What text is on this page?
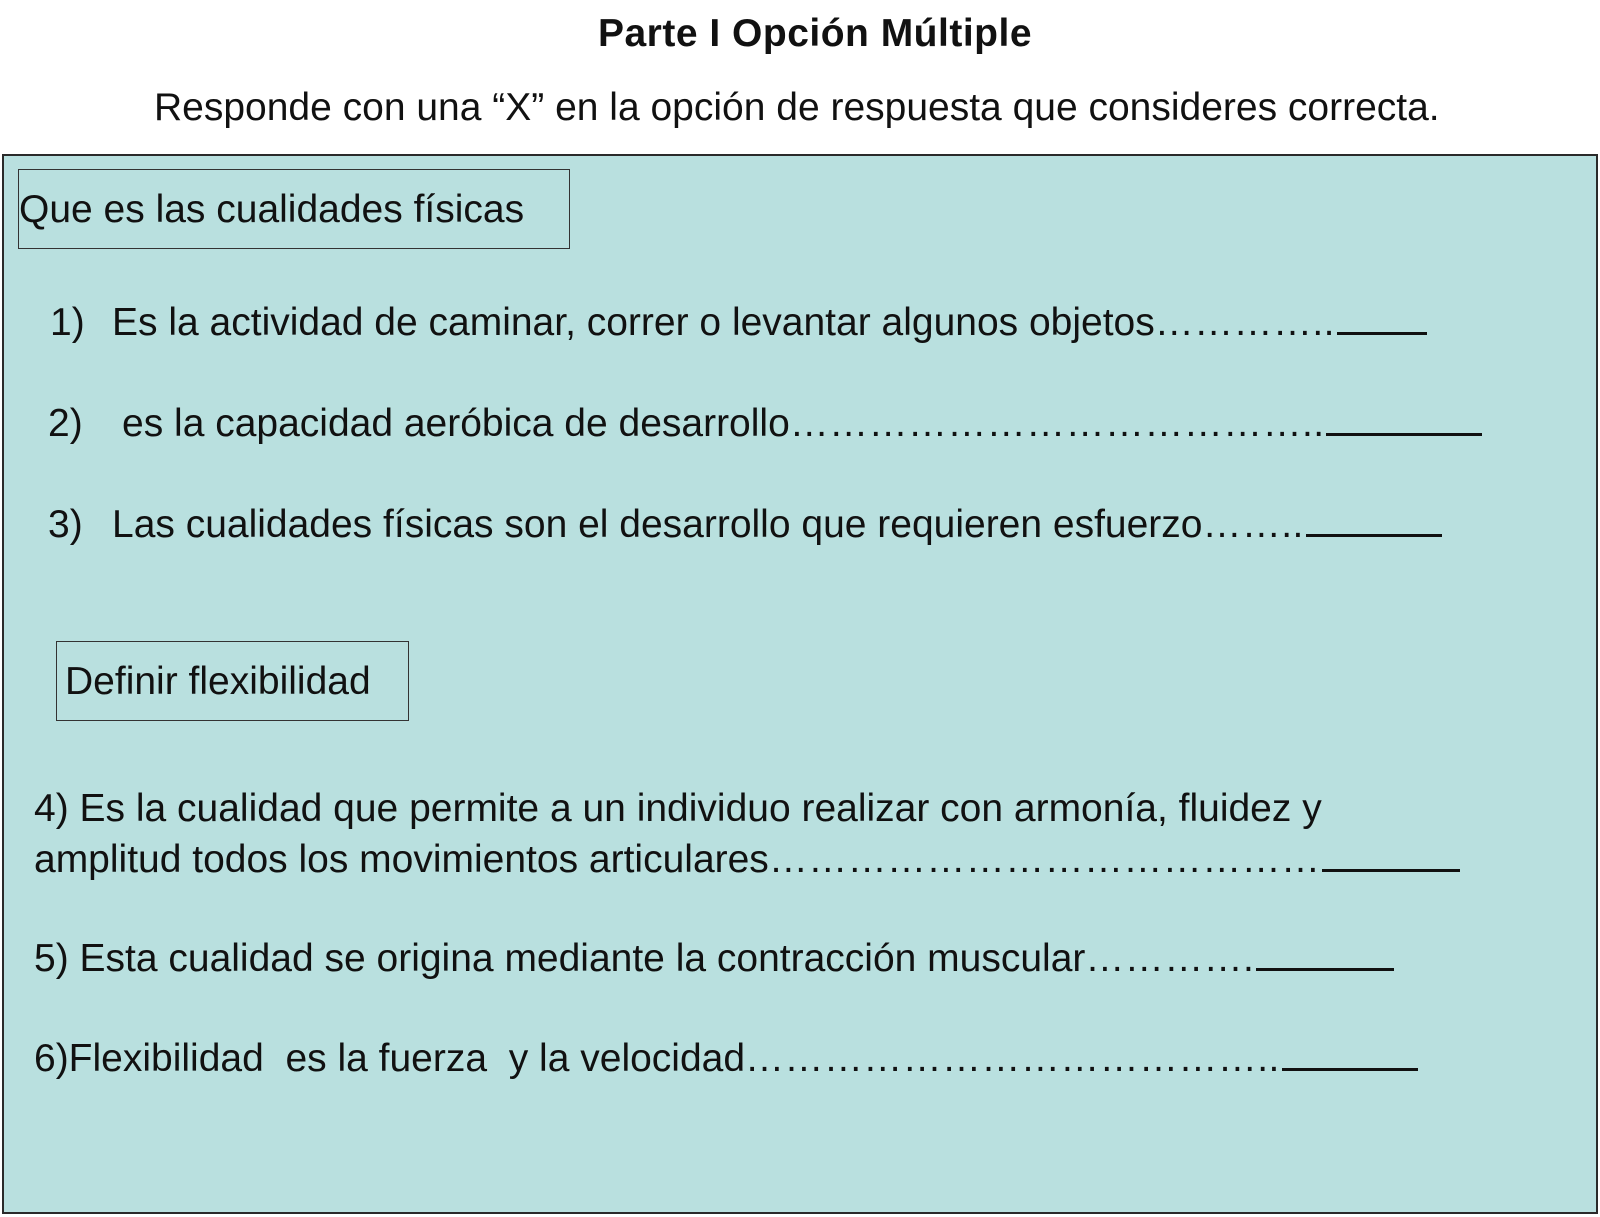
Parte I Opción Múltiple
Responde con una “X” en la opción de respuesta que consideres correcta.
Que es las cualidades físicas
1) Es la actividad de caminar, correr o levantar algunos objetos…………..
2) es la capacidad aeróbica de desarrollo…………………………………..
3) Las cualidades físicas son el desarrollo que requieren esfuerzo……..
Definir flexibilidad
4) Es la cualidad que permite a un individuo realizar con armonía, fluidez y
amplitud todos los movimientos articulares……………………………………
5) Esta cualidad se origina mediante la contracción muscular………….
6)Flexibilidad  es la fuerza  y la velocidad…………………………………..
